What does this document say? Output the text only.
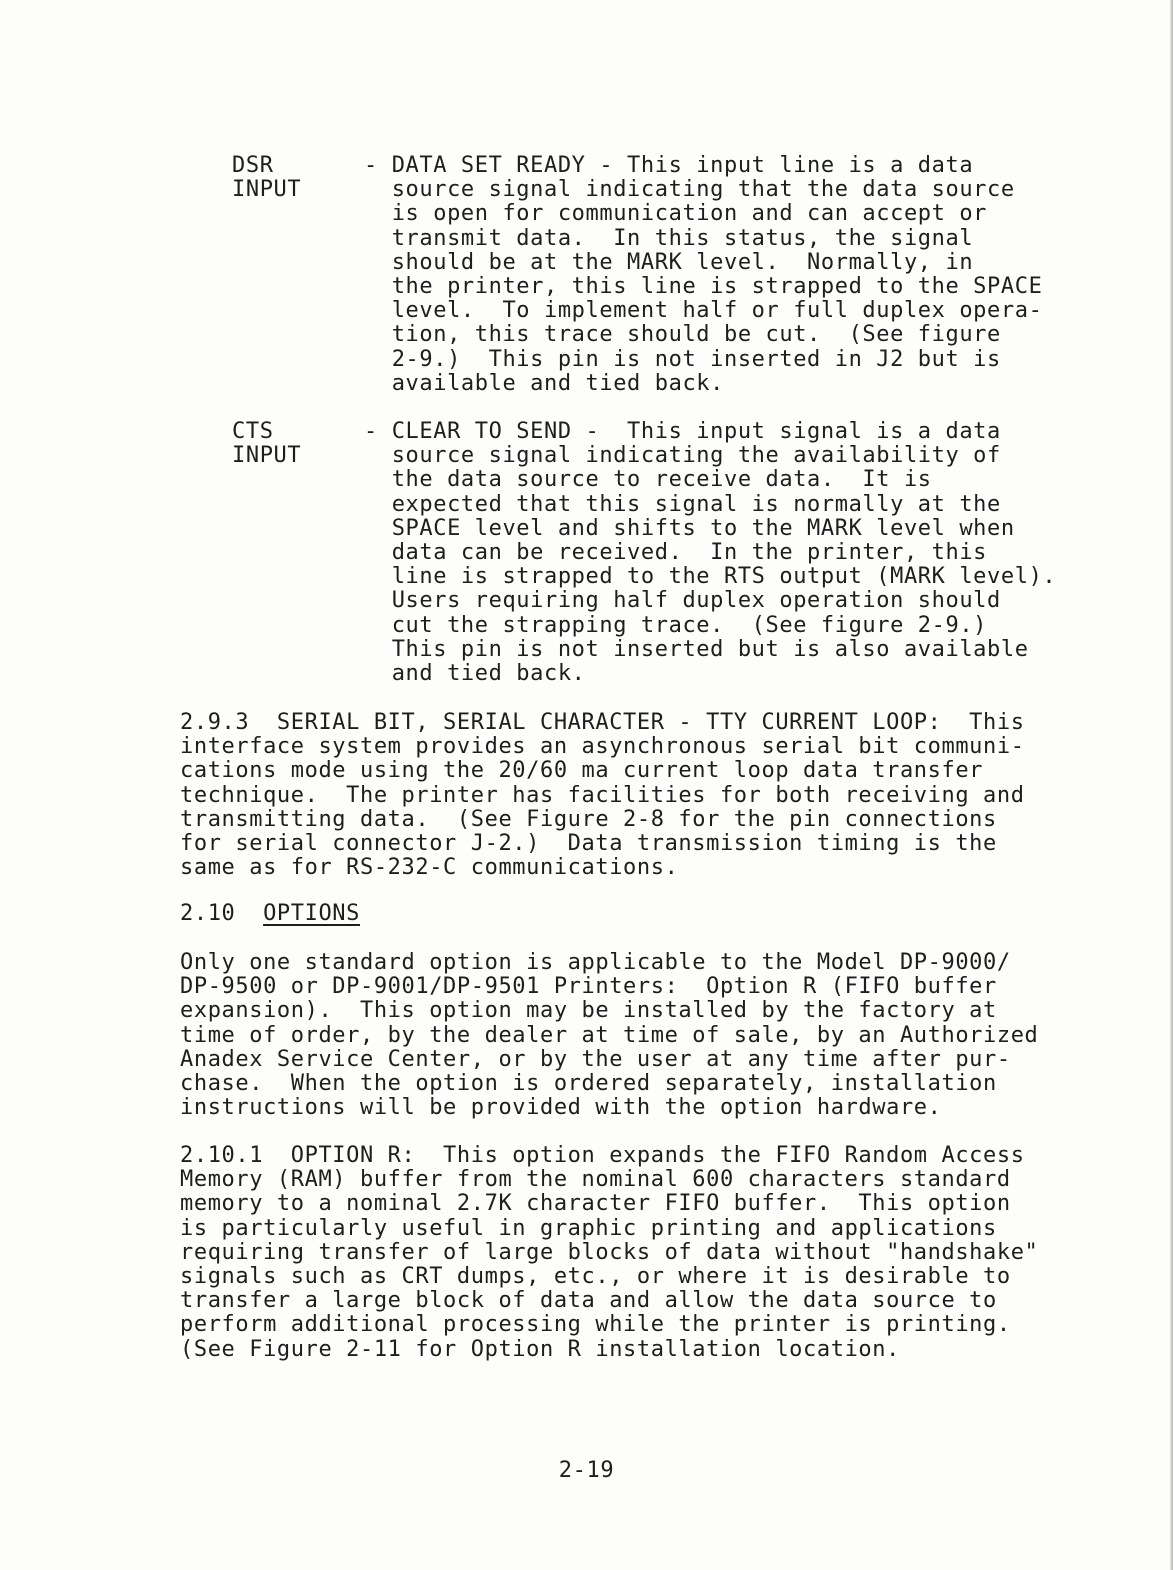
DSR
INPUT
- DATA SET READY - This input line is a data
source signal indicating that the data source
is open for communication and can accept or
transmit data.  In this status, the signal
should be at the MARK level.  Normally, in
the printer, this line is strapped to the SPACE
level.  To implement half or full duplex opera-
tion, this trace should be cut.  (See figure
2-9.)  This pin is not inserted in J2 but is
available and tied back.
CTS
INPUT
- CLEAR TO SEND -  This input signal is a data
source signal indicating the availability of
the data source to receive data.  It is
expected that this signal is normally at the
SPACE level and shifts to the MARK level when
data can be received.  In the printer, this
line is strapped to the RTS output (MARK level).
Users requiring half duplex operation should
cut the strapping trace.  (See figure 2-9.)
This pin is not inserted but is also available
and tied back.
2.9.3  SERIAL BIT, SERIAL CHARACTER - TTY CURRENT LOOP:  This
interface system provides an asynchronous serial bit communi-
cations mode using the 20/60 ma current loop data transfer
technique.  The printer has facilities for both receiving and
transmitting data.  (See Figure 2-8 for the pin connections
for serial connector J-2.)  Data transmission timing is the
same as for RS-232-C communications.
2.10  OPTIONS
Only one standard option is applicable to the Model DP-9000/
DP-9500 or DP-9001/DP-9501 Printers:  Option R (FIFO buffer
expansion).  This option may be installed by the factory at
time of order, by the dealer at time of sale, by an Authorized
Anadex Service Center, or by the user at any time after pur-
chase.  When the option is ordered separately, installation
instructions will be provided with the option hardware.
2.10.1  OPTION R:  This option expands the FIFO Random Access
Memory (RAM) buffer from the nominal 600 characters standard
memory to a nominal 2.7K character FIFO buffer.  This option
is particularly useful in graphic printing and applications
requiring transfer of large blocks of data without "handshake"
signals such as CRT dumps, etc., or where it is desirable to
transfer a large block of data and allow the data source to
perform additional processing while the printer is printing.
(See Figure 2-11 for Option R installation location.
2-19
